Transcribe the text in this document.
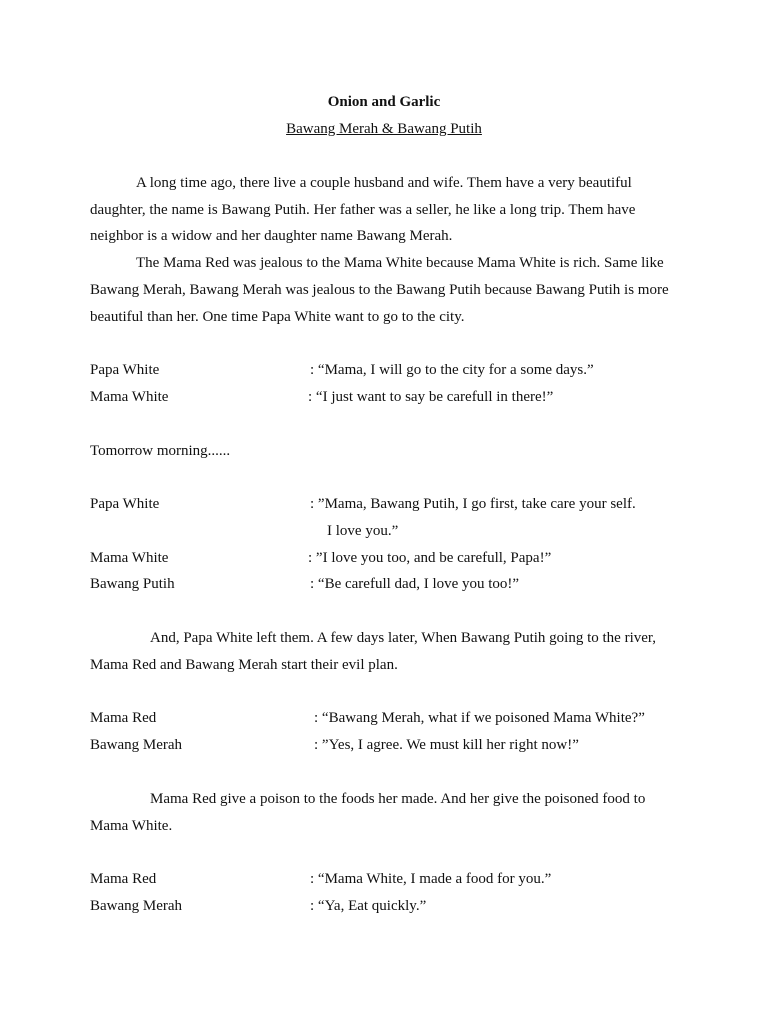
Onion and Garlic
Bawang Merah & Bawang Putih
A long time ago, there live a couple husband and wife. Them have a very beautiful
daughter, the name is Bawang Putih. Her father was a seller, he like a long trip. Them have
neighbor is a widow and her daughter name Bawang Merah.
The Mama Red was jealous to the Mama White because Mama White is rich. Same like
Bawang Merah, Bawang Merah was jealous to the Bawang Putih because Bawang Putih is more
beautiful than her. One time Papa White want to go to the city.
Papa White	: “Mama, I will go to the city for a some days.”
Mama White	: “I just want to say be carefull in there!”
Tomorrow morning......
Papa White	: ”Mama, Bawang Putih, I go first, take care your self.
I love you.”
Mama White	: ”I love you too, and be carefull, Papa!”
Bawang Putih	: “Be carefull dad, I love you too!”
And, Papa White left them. A few days later, When Bawang Putih going to the river,
Mama Red and Bawang Merah start their evil plan.
Mama Red	: “Bawang Merah, what if we poisoned Mama White?”
Bawang Merah	: ”Yes, I agree. We must kill her right now!”
Mama Red give a poison to the foods her made. And her give the poisoned food to
Mama White.
Mama Red	: “Mama White, I made a food for you.”
Bawang Merah	: “Ya, Eat quickly.”
